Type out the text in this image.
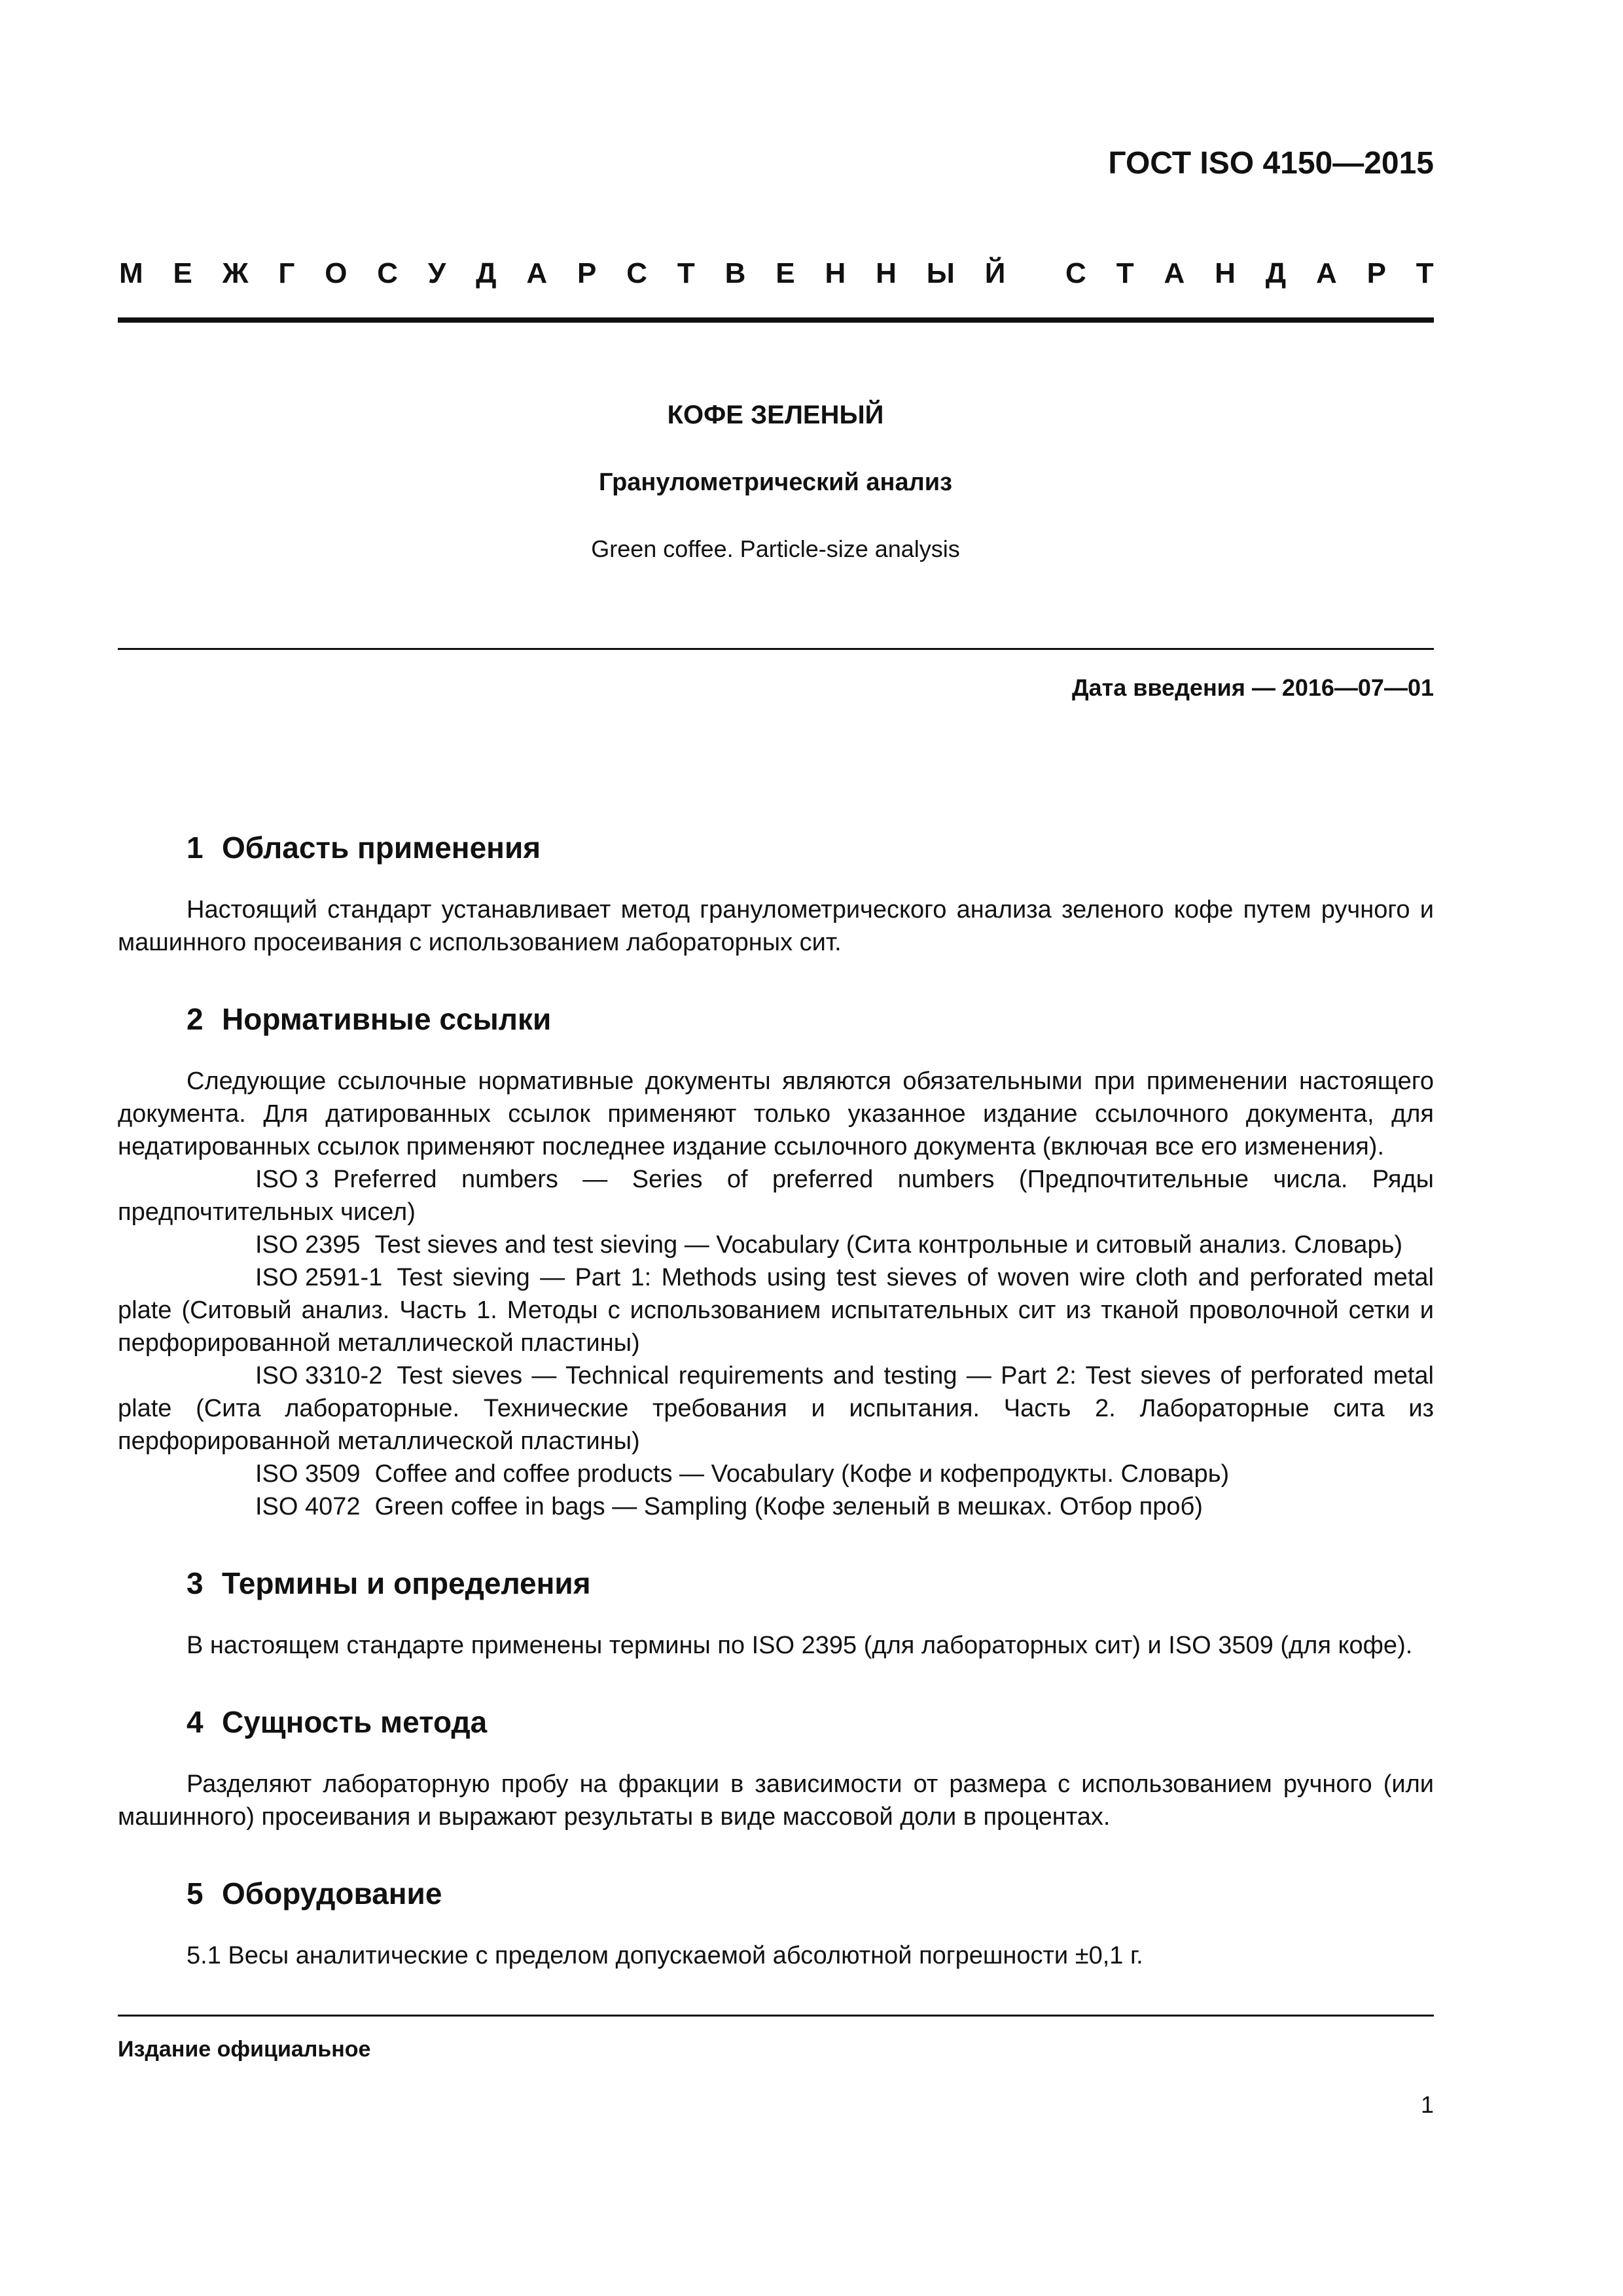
ГОСТ ISO 4150—2015
М Е Ж Г О С У Д А Р С Т В Е Н Н Ы Й С Т А Н Д А Р Т
КОФЕ ЗЕЛЕНЫЙ
Гранулометрический анализ
Green coffee. Particle-size analysis
Дата введения — 2016—07—01
1 Область применения

Настоящий стандарт устанавливает метод гранулометрического анализа зеленого кофе путем ручного и машинного просеивания с использованием лабораторных сит.

2 Нормативные ссылки

Следующие ссылочные нормативные документы являются обязательными при применении настоящего документа. Для датированных ссылок применяют только указанное издание ссылочного документа, для недатированных ссылок применяют последнее издание ссылочного документа (включая все его изменения).

ISO 3 Preferred numbers — Series of preferred numbers (Предпочтительные числа. Ряды предпочтительных чисел)

ISO 2395 Test sieves and test sieving — Vocabulary (Сита контрольные и ситовый анализ. Словарь)

ISO 2591-1 Test sieving — Part 1: Methods using test sieves of woven wire cloth and perforated metal plate (Ситовый анализ. Часть 1. Методы с использованием испытательных сит из тканой проволочной сетки и перфорированной металлической пластины)

ISO 3310-2 Test sieves — Technical requirements and testing — Part 2: Test sieves of perforated metal plate (Сита лабораторные. Технические требования и испытания. Часть 2. Лабораторные сита из перфорированной металлической пластины)

ISO 3509 Coffee and coffee products — Vocabulary (Кофе и кофепродукты. Словарь)

ISO 4072 Green coffee in bags — Sampling (Кофе зеленый в мешках. Отбор проб)

3 Термины и определения

В настоящем стандарте применены термины по ISO 2395 (для лабораторных сит) и ISO 3509 (для кофе).

4 Сущность метода

Разделяют лабораторную пробу на фракции в зависимости от размера с использованием ручного (или машинного) просеивания и выражают результаты в виде массовой доли в процентах.

5 Оборудование

5.1 Весы аналитические с пределом допускаемой абсолютной погрешности ±0,1 г.

Издание официальное
1
